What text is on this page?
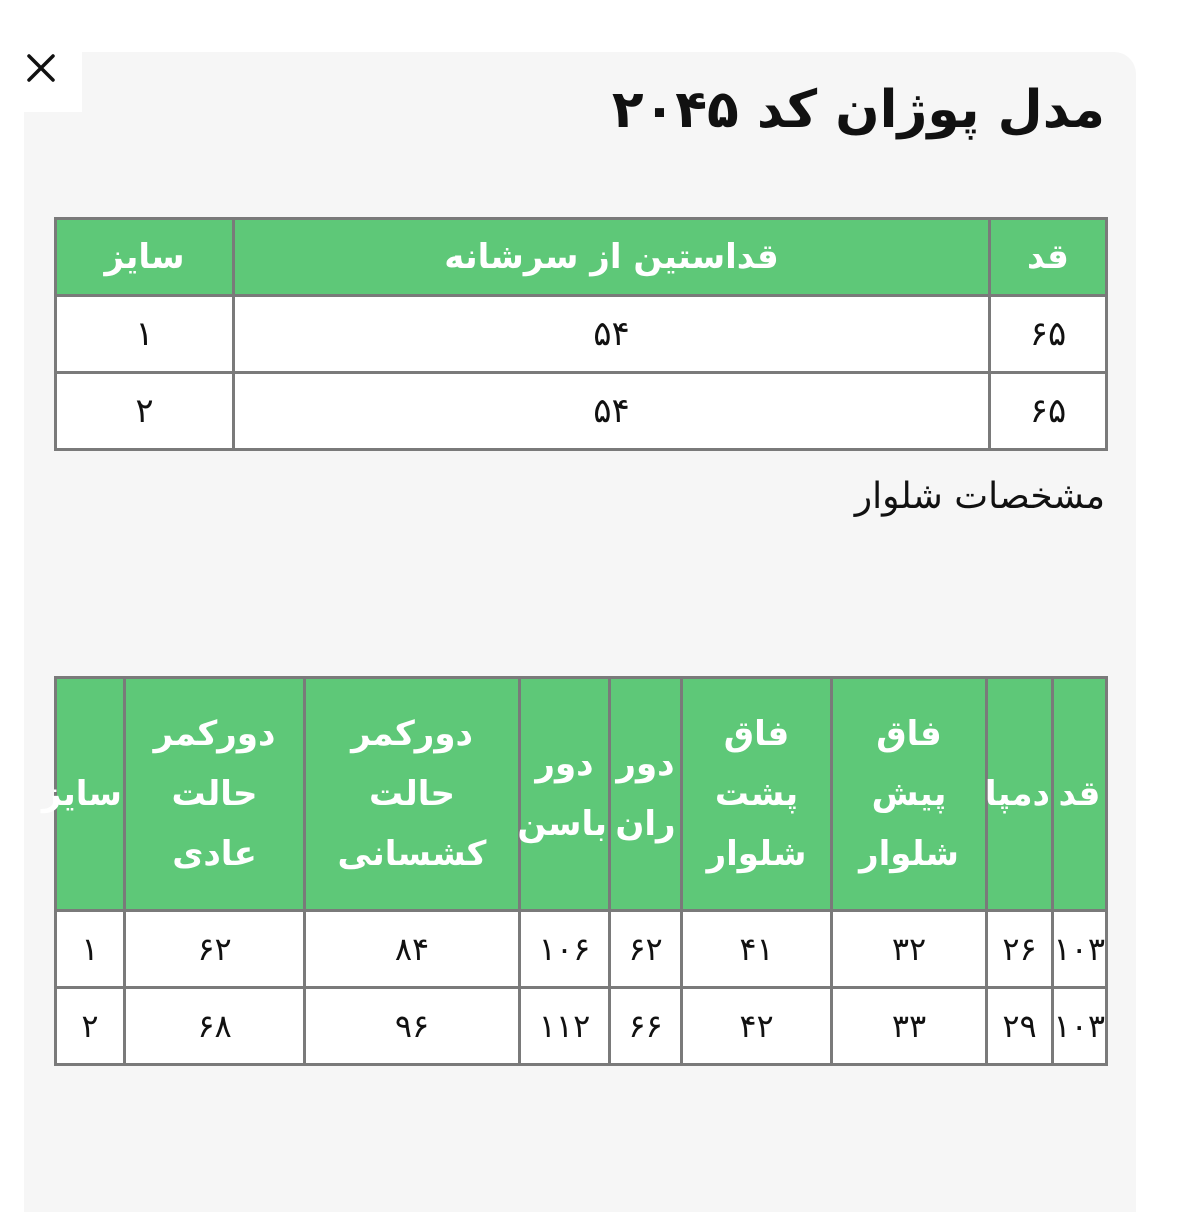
مدل پوژان کد ۲۰۴۵
قد	قداستین از سرشانه	سایز
۶۵	۵۴	۱
۶۵	۵۴	۲
مشخصات شلوار
قد	دمپا	فاق پیش شلوار	فاق پشت شلوار	دور ران	دور باسن	دورکمر حالت کشسانی	دورکمر حالت عادی	سایز
۱۰۳	۲۶	۳۲	۴۱	۶۲	۱۰۶	۸۴	۶۲	۱
۱۰۳	۲۹	۳۳	۴۲	۶۶	۱۱۲	۹۶	۶۸	۲
